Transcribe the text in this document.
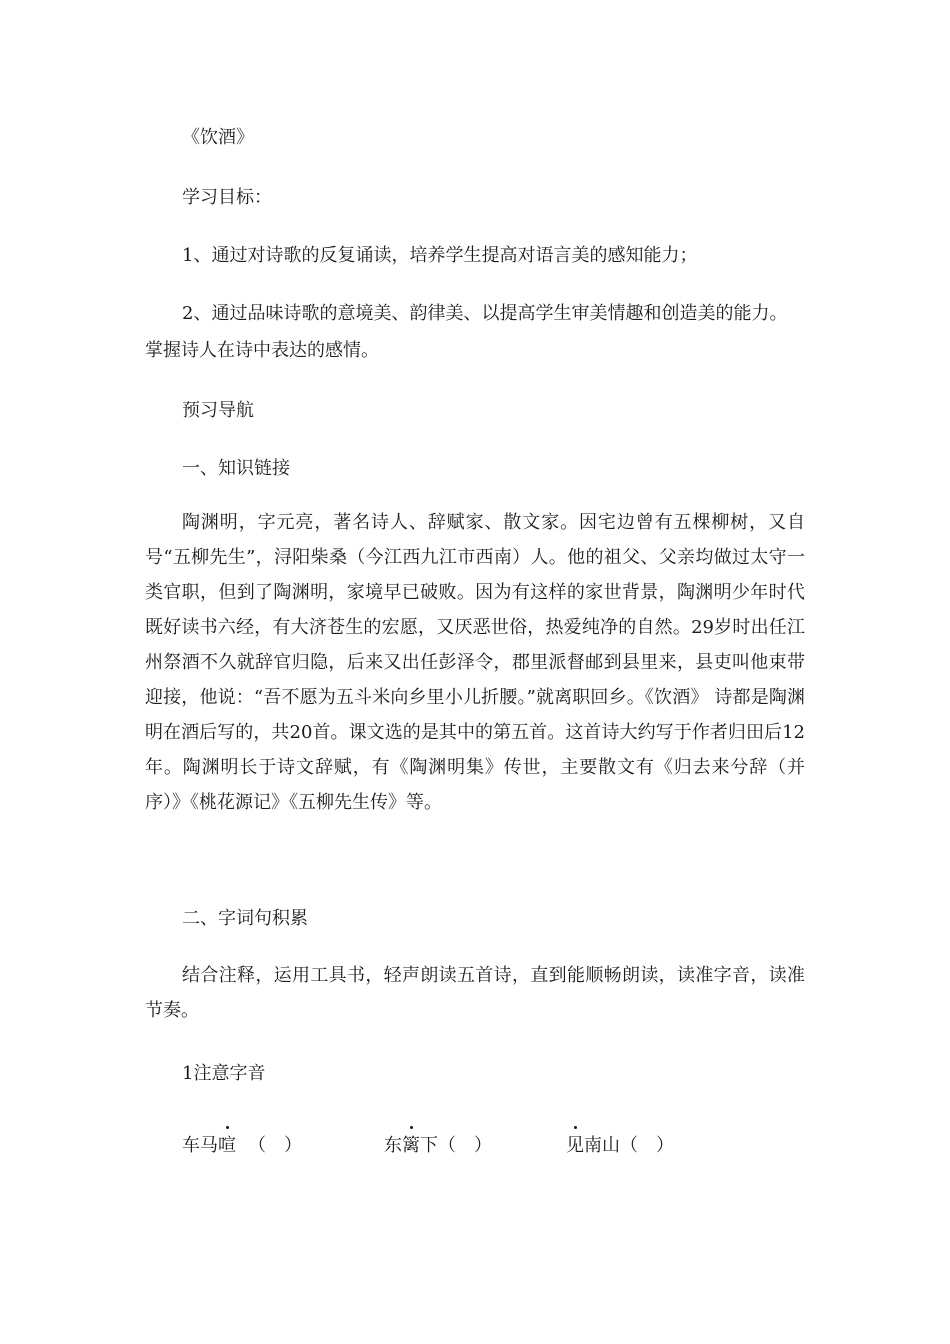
《饮酒》
学习目标：
1、通过对诗歌的反复诵读，培养学生提高对语言美的感知能力；
2、通过品味诗歌的意境美、韵律美、以提高学生审美情趣和创造美的能力。
掌握诗人在诗中表达的感情。
预习导航
一、知识链接

陶渊明，字元亮，著名诗人、辞赋家、散文家。因宅边曾有五棵柳树，又自号“五柳先生”，浔阳柴桑（今江西九江市西南）人。他的祖父、父亲均做过太守一类官职，但到了陶渊明，家境早已破败。因为有这样的家世背景，陶渊明少年时代既好读书六经，有大济苍生的宏愿，又厌恶世俗，热爱纯净的自然。29岁时出任江州祭酒不久就辞官归隐，后来又出任彭泽令，郡里派督邮到县里来，县吏叫他束带迎接，他说：“吾不愿为五斗米向乡里小儿折腰。”就离职回乡。《饮酒》 诗都是陶渊明在酒后写的，共20首。课文选的是其中的第五首。这首诗大约写于作者归田后12年。陶渊明长于诗文辞赋，有《陶渊明集》传世，主要散文有《归去来兮辞（并序）》《桃花源记》《五柳先生传》等。

二、字词句积累

结合注释，运用工具书，轻声朗读五首诗，直到能顺畅朗读，读准字音，读准节奏。

1注意字音
车马喧 （　）	东篱下（　）	见南山（　）
